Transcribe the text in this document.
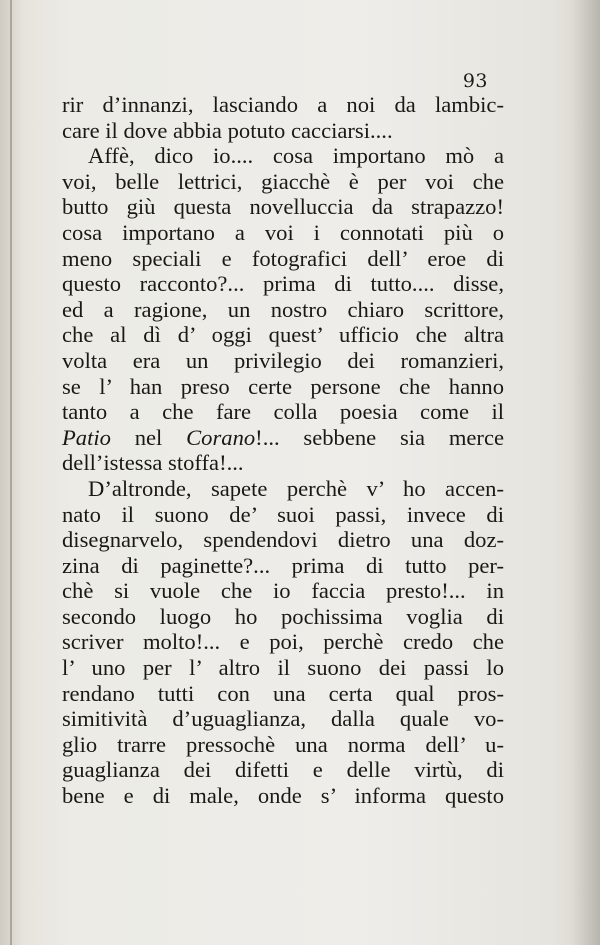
93
rir d’innanzi, lasciando a noi da lambic-
care il dove abbia potuto cacciarsi....
Affè, dico io.... cosa importano mò a
voi, belle lettrici, giacchè è per voi che
butto giù questa novelluccia da strapazzo!
cosa importano a voi i connotati più o
meno speciali e fotografici dell’ eroe di
questo racconto?... prima di tutto.... disse,
ed a ragione, un nostro chiaro scrittore,
che al dì d’ oggi quest’ ufficio che altra
volta era un privilegio dei romanzieri,
se l’ han preso certe persone che hanno
tanto a che fare colla poesia come il
Patio nel Corano!... sebbene sia merce
dell’istessa stoffa!...
D’altronde, sapete perchè v’ ho accen-
nato il suono de’ suoi passi, invece di
disegnarvelo, spendendovi dietro una doz-
zina di paginette?... prima di tutto per-
chè si vuole che io faccia presto!... in
secondo luogo ho pochissima voglia di
scriver molto!... e poi, perchè credo che
l’ uno per l’ altro il suono dei passi lo
rendano tutti con una certa qual pros-
simitività d’uguaglianza, dalla quale vo-
glio trarre pressochè una norma dell’ u-
guaglianza dei difetti e delle virtù, di
bene e di male, onde s’ informa questo
